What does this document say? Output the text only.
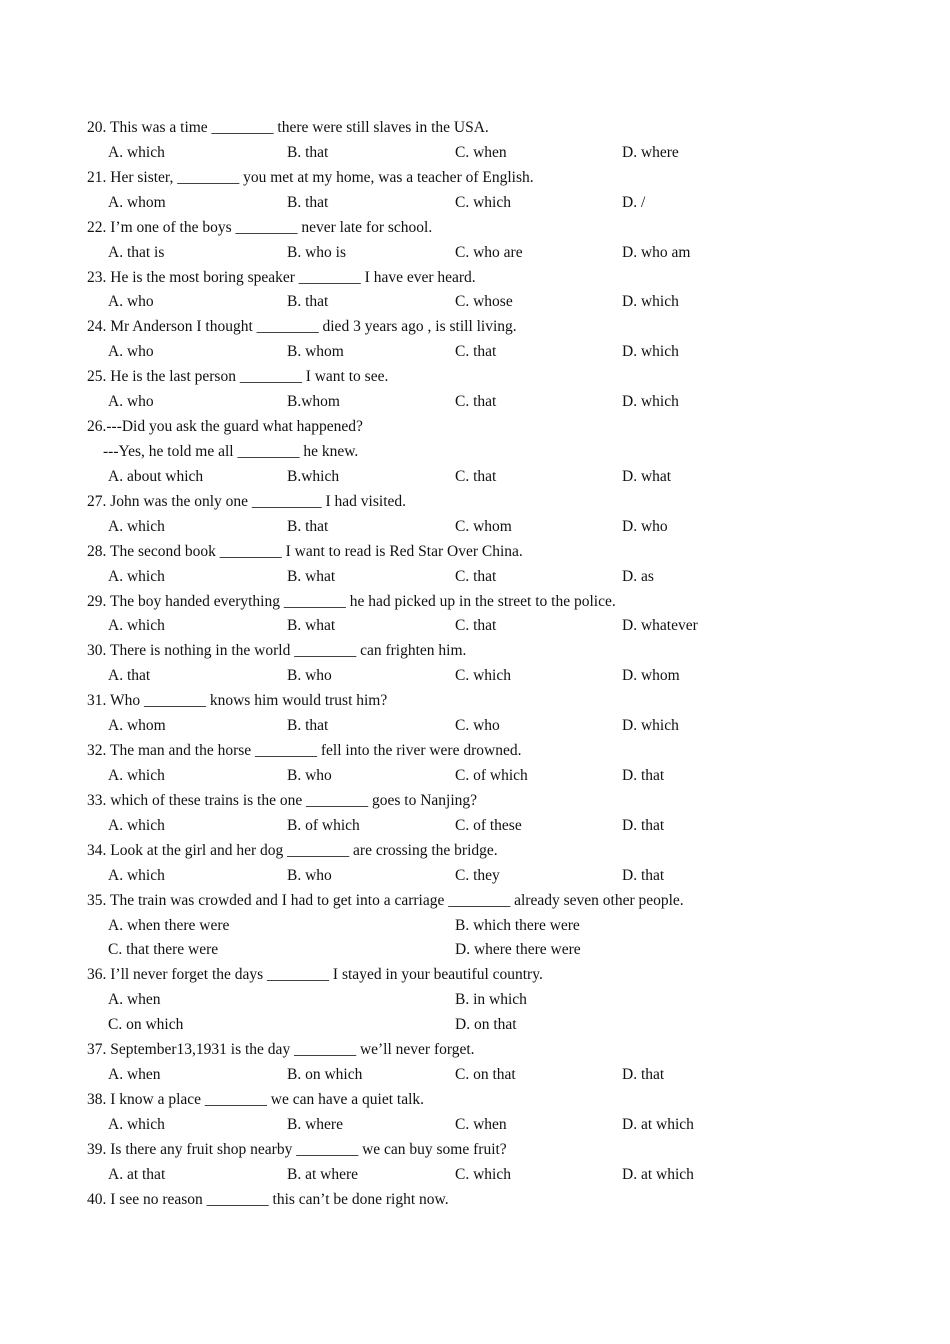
20. This was a time ________ there were still slaves in the USA.
A. which	B. that	C. when	D. where
21. Her sister, ________ you met at my home, was a teacher of English.
A. whom	B. that	C. which	D. /
22. I’m one of the boys ________ never late for school.
A. that is	B. who is	C. who are	D. who am
23. He is the most boring speaker ________ I have ever heard.
A. who	B. that	C. whose	D. which
24. Mr Anderson I thought ________ died 3 years ago , is still living.
A. who	B. whom	C. that	D. which
25. He is the last person ________ I want to see.
A. who	B.whom	C. that	D. which
26.---Did you ask the guard what happened?
---Yes, he told me all ________ he knew.
A. about which	B.which	C. that	D. what
27. John was the only one _________ I had visited.
A. which	B. that	C. whom	D. who
28. The second book ________ I want to read is Red Star Over China.
A. which	B. what	C. that	D. as
29. The boy handed everything ________ he had picked up in the street to the police.
A. which	B. what	C. that	D. whatever
30. There is nothing in the world ________ can frighten him.
A. that	B. who	C. which	D. whom
31. Who ________ knows him would trust him?
A. whom	B. that	C. who	D. which
32. The man and the horse ________ fell into the river were drowned.
A. which	B. who	C. of which	D. that
33. which of these trains is the one ________ goes to Nanjing?
A. which	B. of which	C. of these	D. that
34. Look at the girl and her dog ________ are crossing the bridge.
A. which	B. who	C. they	D. that
35. The train was crowded and I had to get into a carriage ________ already seven other people.
A. when there were	B. which there were
C. that there were	D. where there were
36. I’ll never forget the days ________ I stayed in your beautiful country.
A. when	B. in which
C. on which	D. on that
37. September13,1931 is the day ________ we’ll never forget.
A. when	B. on which	C. on that	D. that
38. I know a place ________ we can have a quiet talk.
A. which	B. where	C. when	D. at which
39. Is there any fruit shop nearby ________ we can buy some fruit?
A. at that	B. at where	C. which	D. at which
40. I see no reason ________ this can’t be done right now.
